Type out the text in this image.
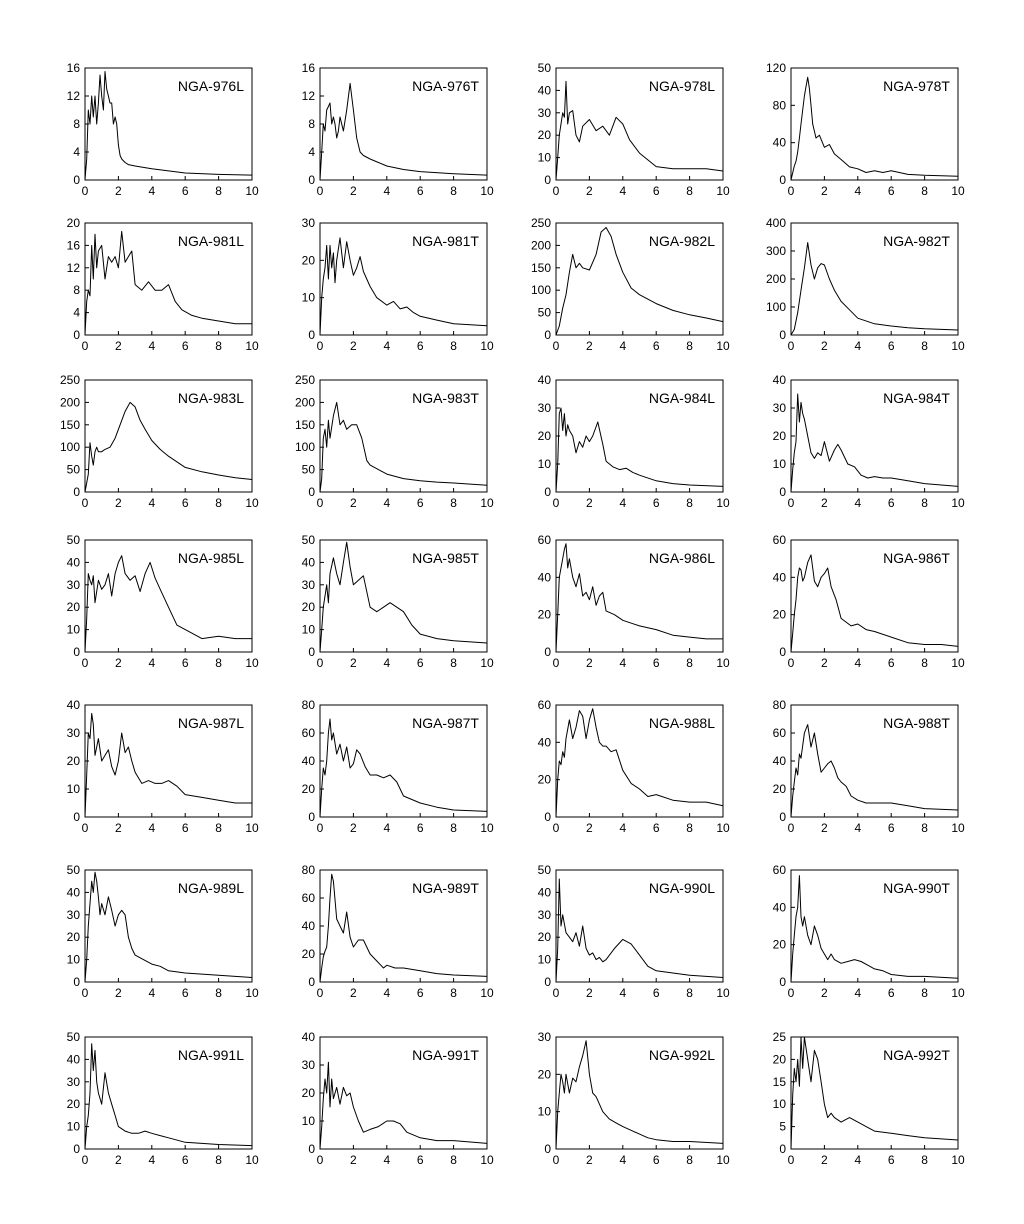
0
4
8
12
16
0 2 4 6 8 10
NGA-976L
0
4
8
12
16
0 2 4 6 8 10
NGA-976T
0
10
20
30
40
50
0 2 4 6 8 10
NGA-978L
0
40
80
120
0 2 4 6 8 10
NGA-978T
0
4
8
12
16
20
0 2 4 6 8 10
NGA-981L
0
10
20
30
0 2 4 6 8 10
NGA-981T
0
50
100
150
200
250
0 2 4 6 8 10
NGA-982L
0
100
200
300
400
0 2 4 6 8 10
NGA-982T
0
50
100
150
200
250
0 2 4 6 8 10
NGA-983L
0
50
100
150
200
250
0 2 4 6 8 10
NGA-983T
0
10
20
30
40
0 2 4 6 8 10
NGA-984L
0
10
20
30
40
0 2 4 6 8 10
NGA-984T
0
10
20
30
40
50
0 2 4 6 8 10
NGA-985L
0
10
20
30
40
50
0 2 4 6 8 10
NGA-985T
0
20
40
60
0 2 4 6 8 10
NGA-986L
0
20
40
60
0 2 4 6 8 10
NGA-986T
0
10
20
30
40
0 2 4 6 8 10
NGA-987L
0
20
40
60
80
0 2 4 6 8 10
NGA-987T
0
20
40
60
0 2 4 6 8 10
NGA-988L
0
20
40
60
80
0 2 4 6 8 10
NGA-988T
0
10
20
30
40
50
0 2 4 6 8 10
NGA-989L
0
20
40
60
80
0 2 4 6 8 10
NGA-989T
0
10
20
30
40
50
0 2 4 6 8 10
NGA-990L
0
20
40
60
0 2 4 6 8 10
NGA-990T
0
10
20
30
40
50
0 2 4 6 8 10
NGA-991L
0
10
20
30
40
0 2 4 6 8 10
NGA-991T
0
10
20
30
0 2 4 6 8 10
NGA-992L
0
5
10
15
20
25
0 2 4 6 8 10
NGA-992T
